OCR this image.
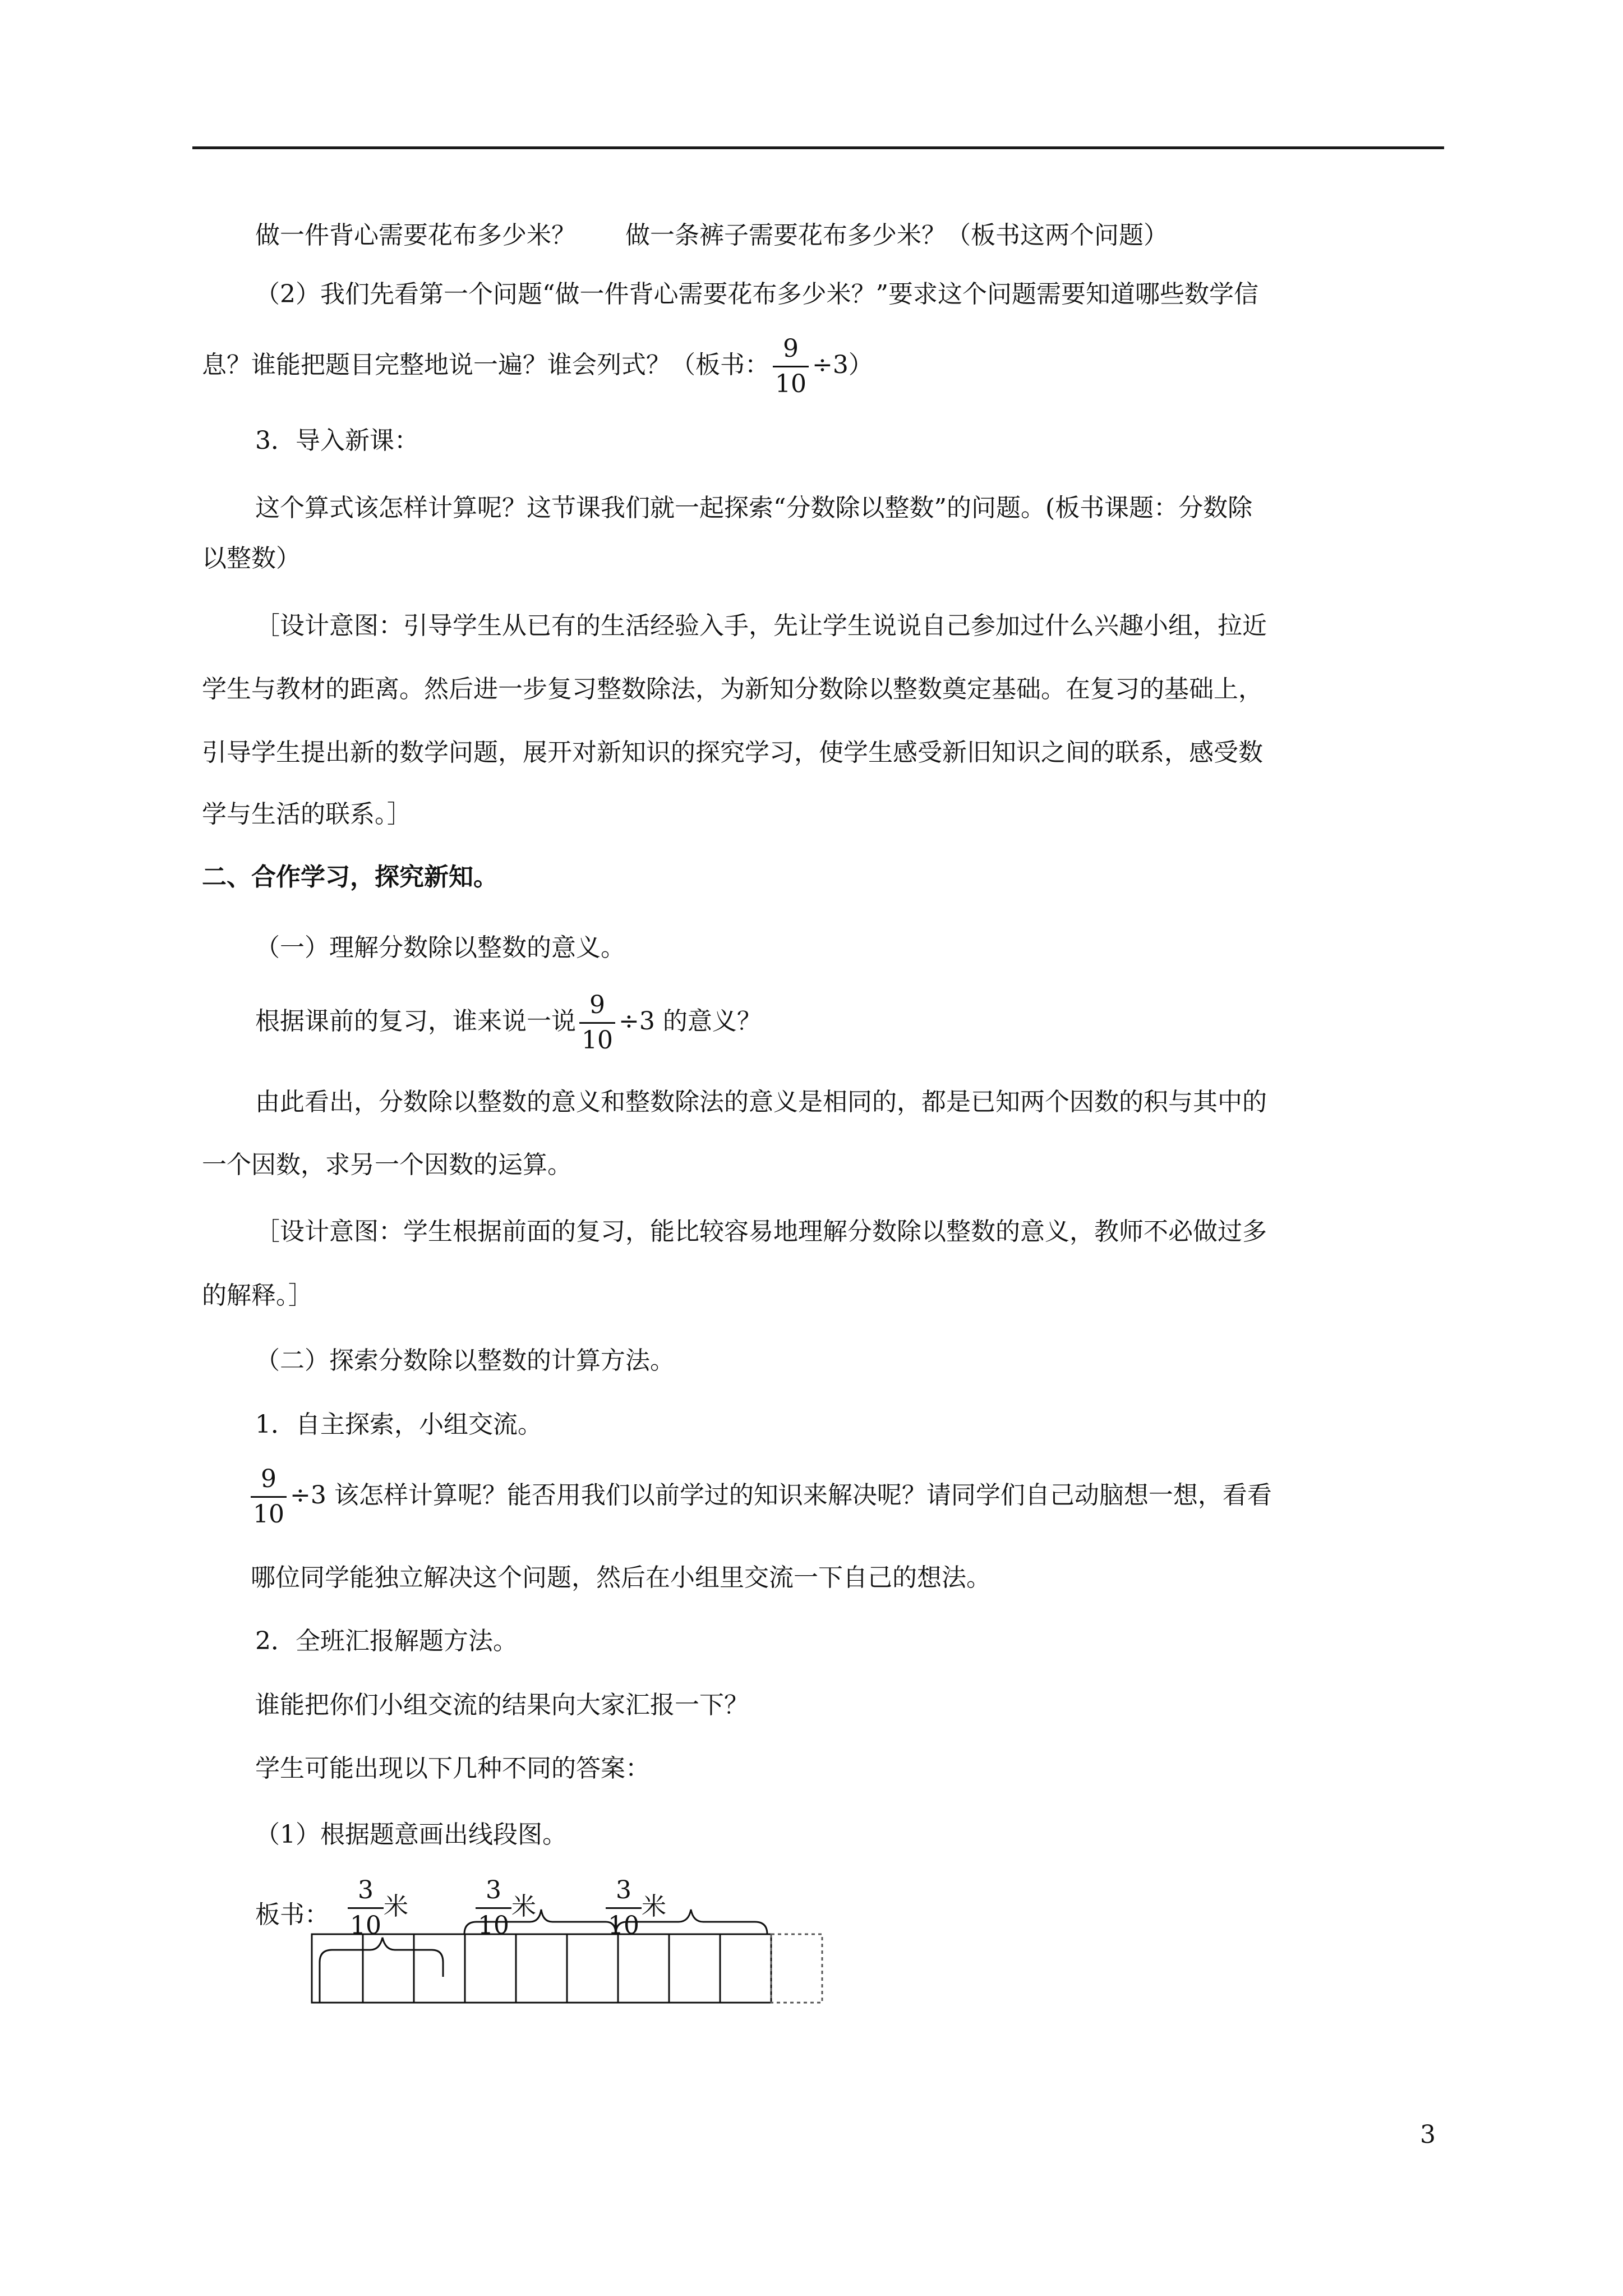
做一件背心需要花布多少米？　　做一条裤子需要花布多少米？（板书这两个问题）
（2）我们先看第一个问题“做一件背心需要花布多少米？”要求这个问题需要知道哪些数学信
息？谁能把题目完整地说一遍？谁会列式？（板书： $\frac{9}{10} \div 3$）
3．导入新课：
这个算式该怎样计算呢？这节课我们就一起探索“分数除以整数”的问题。(板书课题：分数除
以整数）
［设计意图：引导学生从已有的生活经验入手，先让学生说说自己参加过什么兴趣小组，拉近
学生与教材的距离。然后进一步复习整数除法，为新知分数除以整数奠定基础。在复习的基础上，
引导学生提出新的数学问题，展开对新知识的探究学习，使学生感受新旧知识之间的联系，感受数
学与生活的联系。］
二、合作学习，探究新知。
（一）理解分数除以整数的意义。
根据课前的复习，谁来说一说 $\frac{9}{10} \div 3$ 的意义？
由此看出，分数除以整数的意义和整数除法的意义是相同的，都是已知两个因数的积与其中的
一个因数，求另一个因数的运算。
［设计意图：学生根据前面的复习，能比较容易地理解分数除以整数的意义，教师不必做过多
的解释。］
（二）探索分数除以整数的计算方法。
1．自主探索，小组交流。
$\frac{9}{10} \div 3$ 该怎样计算呢？能否用我们以前学过的知识来解决呢？请同学们自己动脑想一想，看看
哪位同学能独立解决这个问题，然后在小组里交流一下自己的想法。
2．全班汇报解题方法。
谁能把你们小组交流的结果向大家汇报一下？
学生可能出现以下几种不同的答案：
（1）根据题意画出线段图。
板书： $\frac{3}{10}$ 米	$\frac{3}{10}$ 米	$\frac{3}{10}$ 米
3
